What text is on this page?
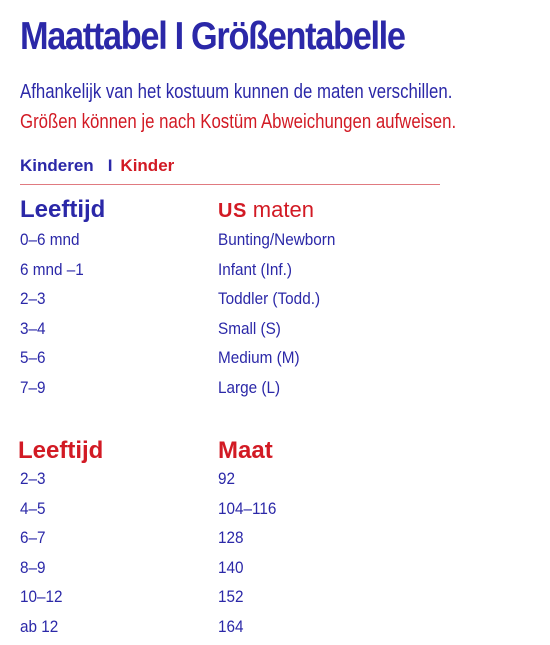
Maattabel I Größentabelle
Afhankelijk van het kostuum kunnen de maten verschillen.
Größen können je nach Kostüm Abweichungen aufweisen.
Kinderen I Kinder
Leeftijd	US maten
0–6 mnd
6 mnd –1
2–3
3–4
5–6
7–9
Bunting/Newborn
Infant (Inf.)
Toddler (Todd.)
Small (S)
Medium (M)
Large (L)
Leeftijd	Maat
2–3
4–5
6–7
8–9
10–12
ab 12
92
104–116
128
140
152
164
